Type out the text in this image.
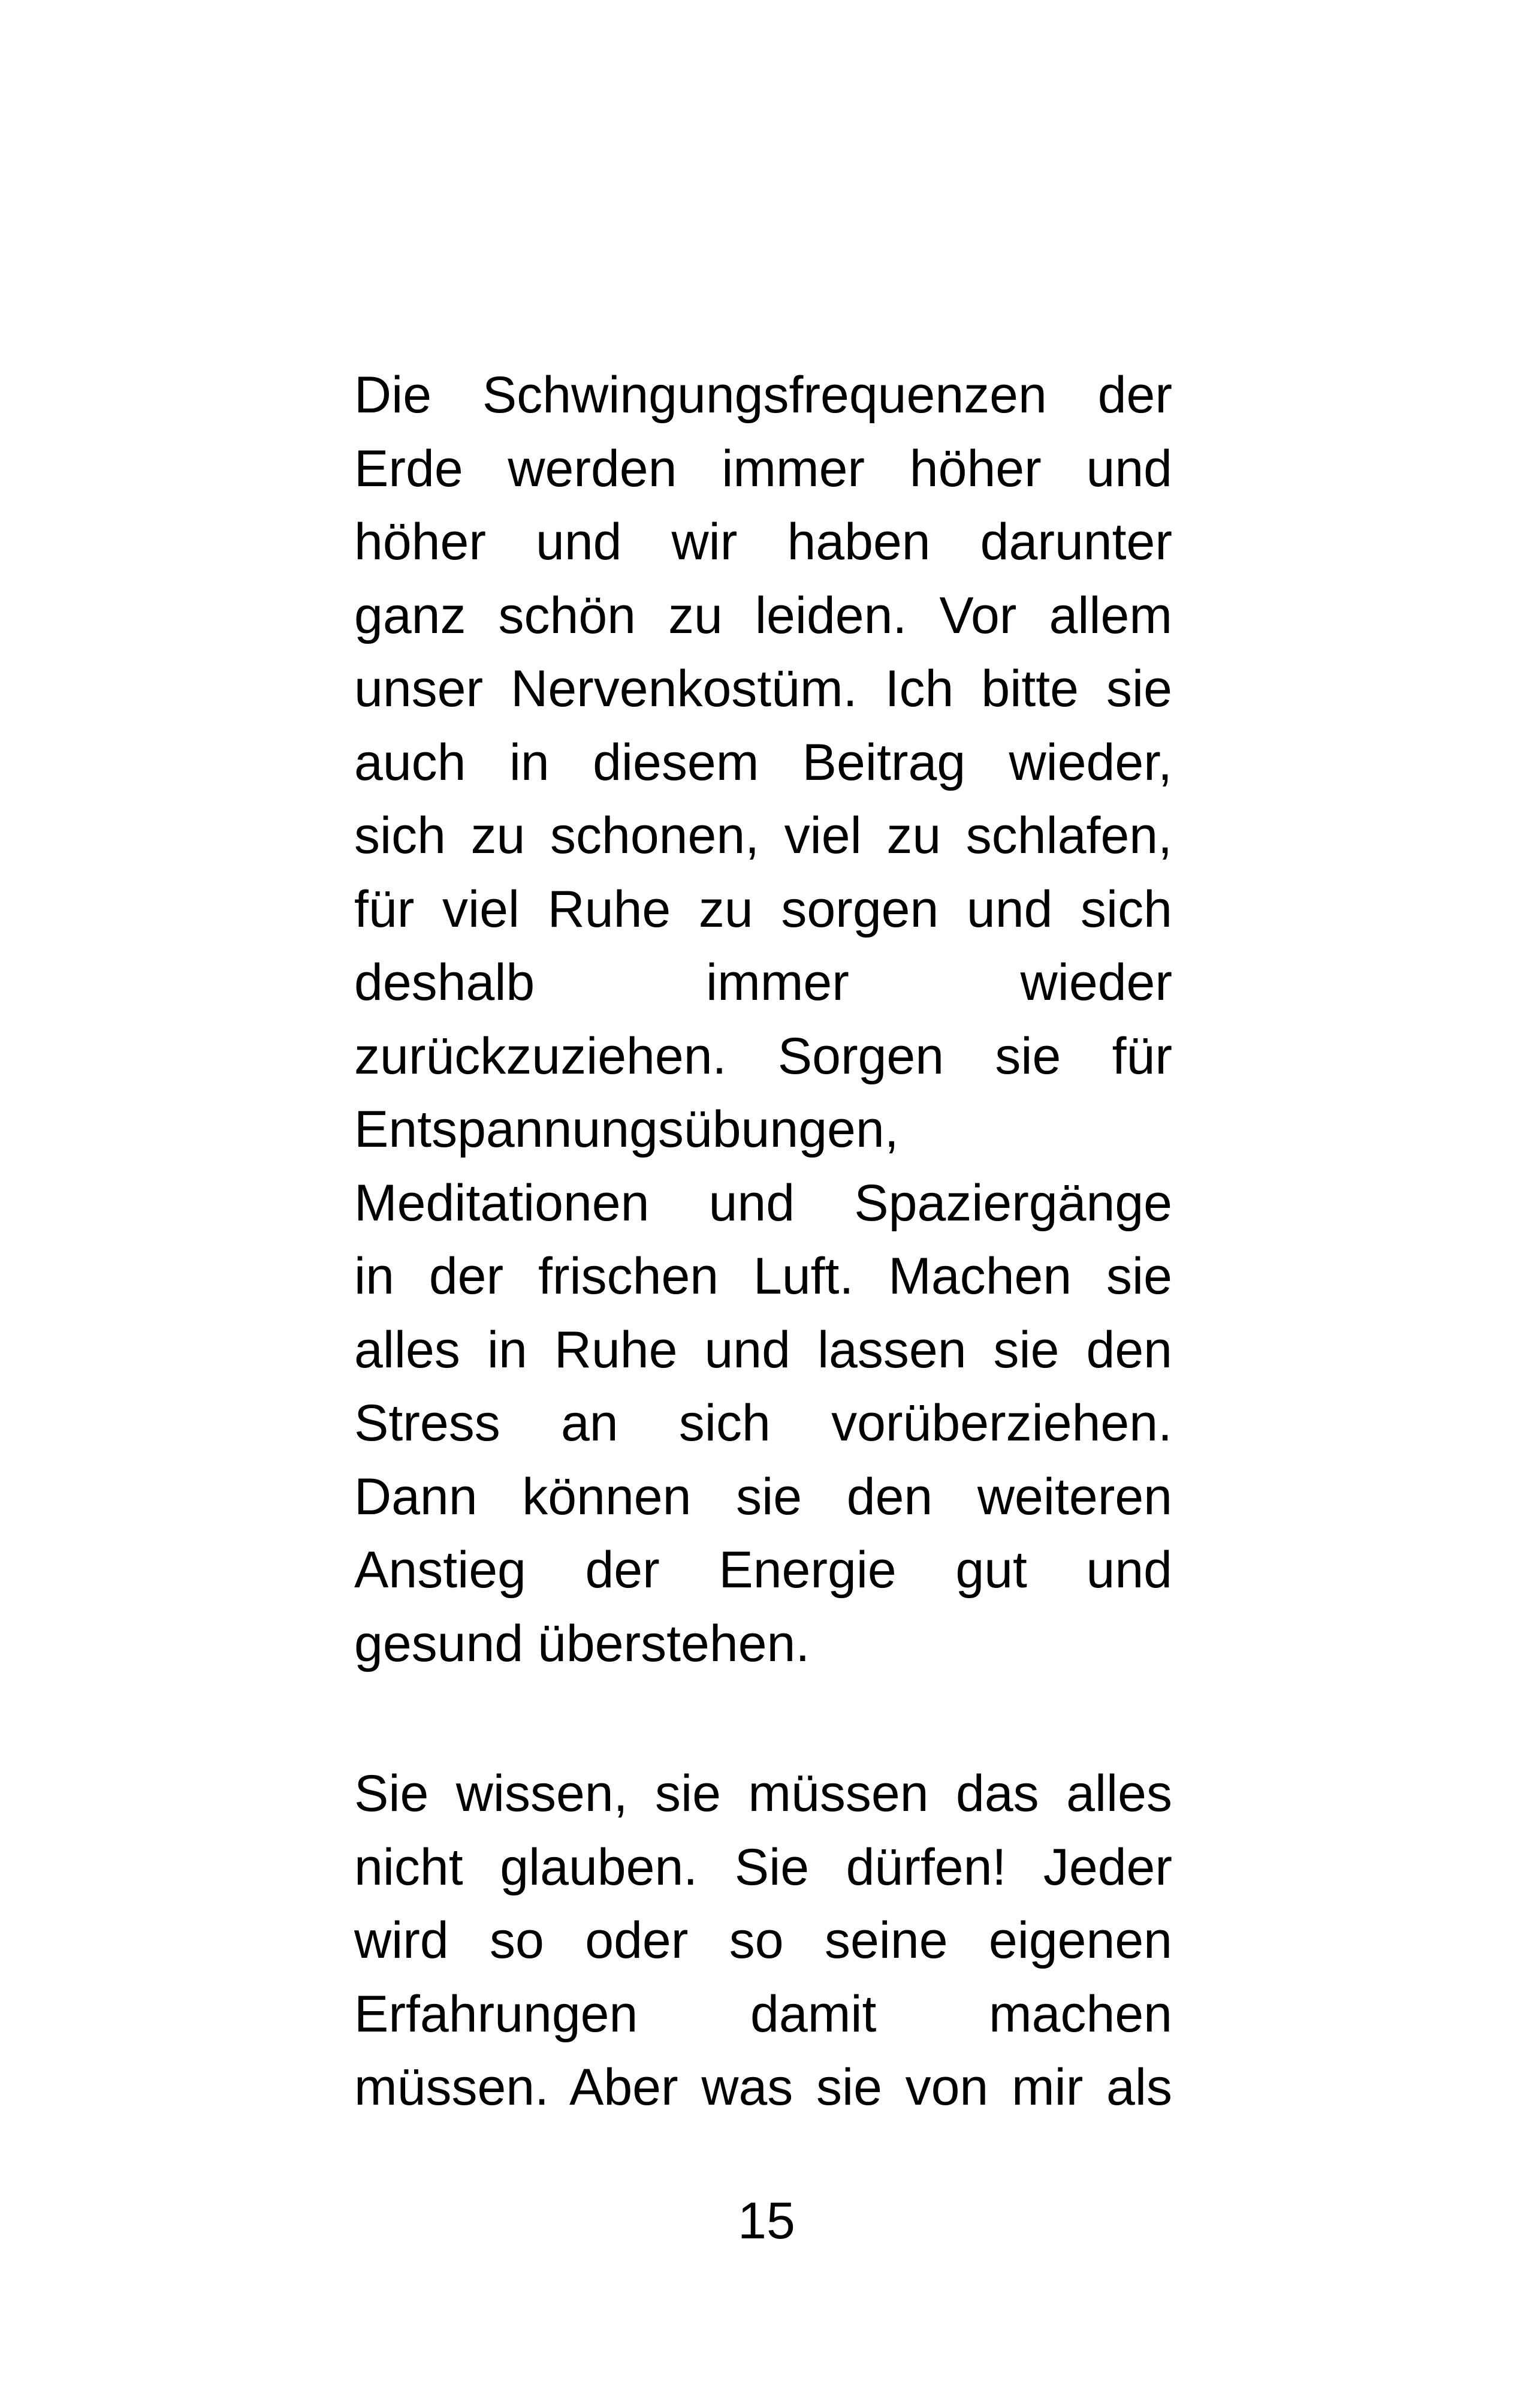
Die Schwingungsfrequenzen der
Erde werden immer höher und
höher und wir haben darunter
ganz schön zu leiden. Vor allem
unser Nervenkostüm. Ich bitte sie
auch in diesem Beitrag wieder,
sich zu schonen, viel zu schlafen,
für viel Ruhe zu sorgen und sich
deshalb immer wieder
zurückzuziehen. Sorgen sie für
Entspannungsübungen,
Meditationen und Spaziergänge
in der frischen Luft. Machen sie
alles in Ruhe und lassen sie den
Stress an sich vorüberziehen.
Dann können sie den weiteren
Anstieg der Energie gut und
gesund überstehen.
Sie wissen, sie müssen das alles
nicht glauben. Sie dürfen! Jeder
wird so oder so seine eigenen
Erfahrungen damit machen
müssen. Aber was sie von mir als
15
